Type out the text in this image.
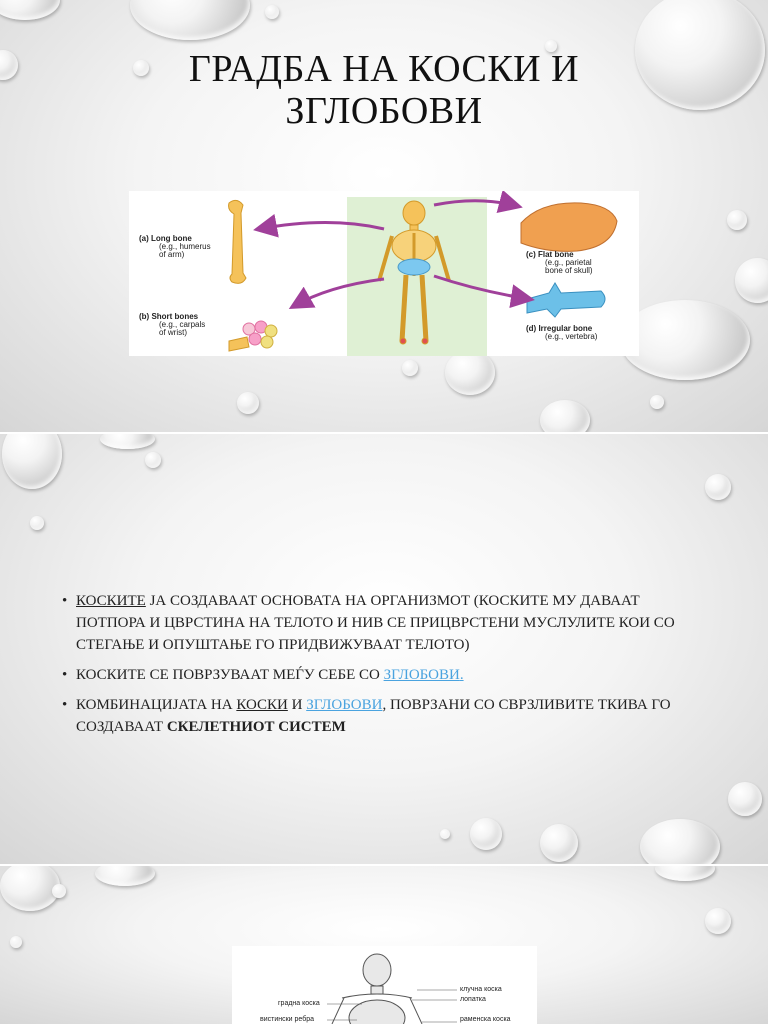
ГРАДБА НА КОСКИ И
ЗГЛОБОВИ
(a) Long bone
(e.g., humerus
of arm)
(b) Short bones
(e.g., carpals
of wrist)
(c) Flat bone
(e.g., parietal
bone of skull)
(d) Irregular bone
(e.g., vertebra)
• КОСКИТЕ ЈА СОЗДАВААТ ОСНОВАТА НА ОРГАНИЗМОТ (КОСКИТЕ МУ ДАВААТ ПОТПОРА И ЦВРСТИНА НА ТЕЛОТО И НИВ СЕ ПРИЦВРСТЕНИ МУСЛУЛИТЕ КОИ СО СТЕГАЊЕ И ОПУШТАЊЕ ГО ПРИДВИЖУВААТ ТЕЛОТО)
• КОСКИТЕ СЕ ПОВРЗУВААТ МЕЃУ СЕБЕ СО ЗГЛОБОВИ.
• КОМБИНАЦИЈАТА НА КОСКИ И ЗГЛОБОВИ, ПОВРЗАНИ СО СВРЗЛИВИТЕ ТКИВА ГО СОЗДАВААТ СКЕЛЕТНИОТ СИСТЕМ
клучна коска
лопатка
раменска коска
градна коска
вистински ребра
